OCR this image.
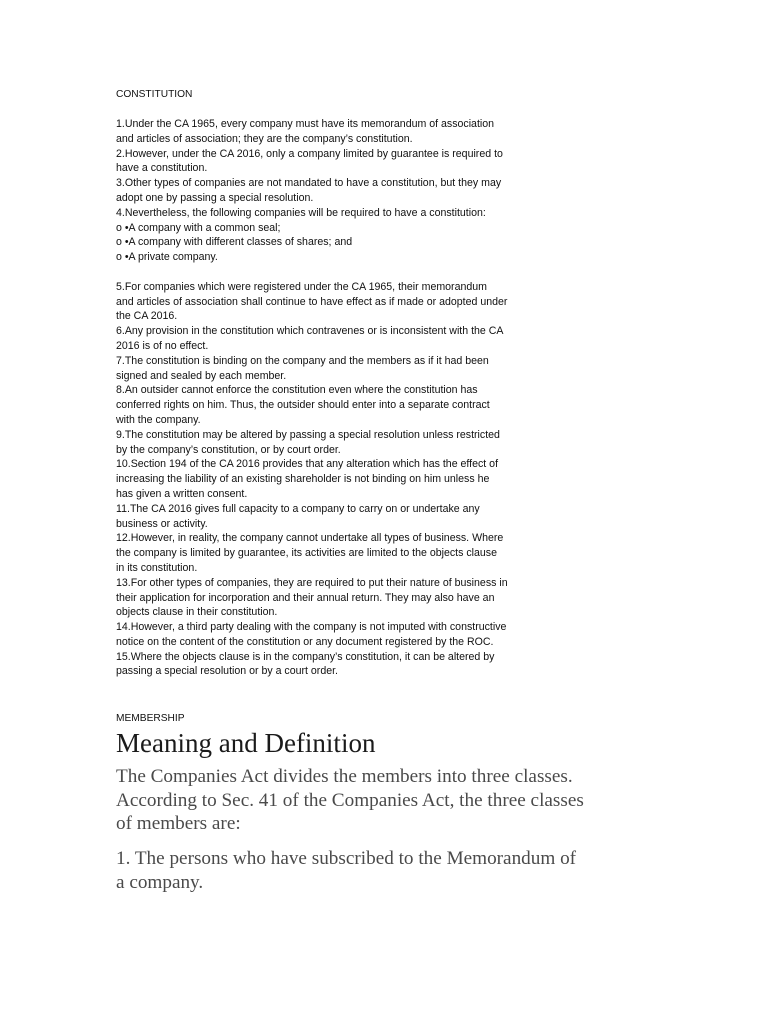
CONSTITUTION
1.Under the CA 1965, every company must have its memorandum of association
and articles of association; they are the company’s constitution.
2.However, under the CA 2016, only a company limited by guarantee is required to
have a constitution.
3.Other types of companies are not mandated to have a constitution, but they may
adopt one by passing a special resolution.
4.Nevertheless, the following companies will be required to have a constitution:
o •A company with a common seal;
o •A company with different classes of shares; and
o •A private company.

5.For companies which were registered under the CA 1965, their memorandum
and articles of association shall continue to have effect as if made or adopted under
the CA 2016.
6.Any provision in the constitution which contravenes or is inconsistent with the CA
2016 is of no effect.
7.The constitution is binding on the company and the members as if it had been
signed and sealed by each member.
8.An outsider cannot enforce the constitution even where the constitution has
conferred rights on him. Thus, the outsider should enter into a separate contract
with the company.
9.The constitution may be altered by passing a special resolution unless restricted
by the company’s constitution, or by court order.
10.Section 194 of the CA 2016 provides that any alteration which has the effect of
increasing the liability of an existing shareholder is not binding on him unless he
has given a written consent.
11.The CA 2016 gives full capacity to a company to carry on or undertake any
business or activity.
12.However, in reality, the company cannot undertake all types of business. Where
the company is limited by guarantee, its activities are limited to the objects clause
in its constitution.
13.For other types of companies, they are required to put their nature of business in
their application for incorporation and their annual return. They may also have an
objects clause in their constitution.
14.However, a third party dealing with the company is not imputed with constructive
notice on the content of the constitution or any document registered by the ROC.
15.Where the objects clause is in the company’s constitution, it can be altered by
passing a special resolution or by a court order.
MEMBERSHIP
Meaning and Definition
The Companies Act divides the members into three classes.
According to Sec. 41 of the Companies Act, the three classes
of members are:
1. The persons who have subscribed to the Memorandum of
a company.
